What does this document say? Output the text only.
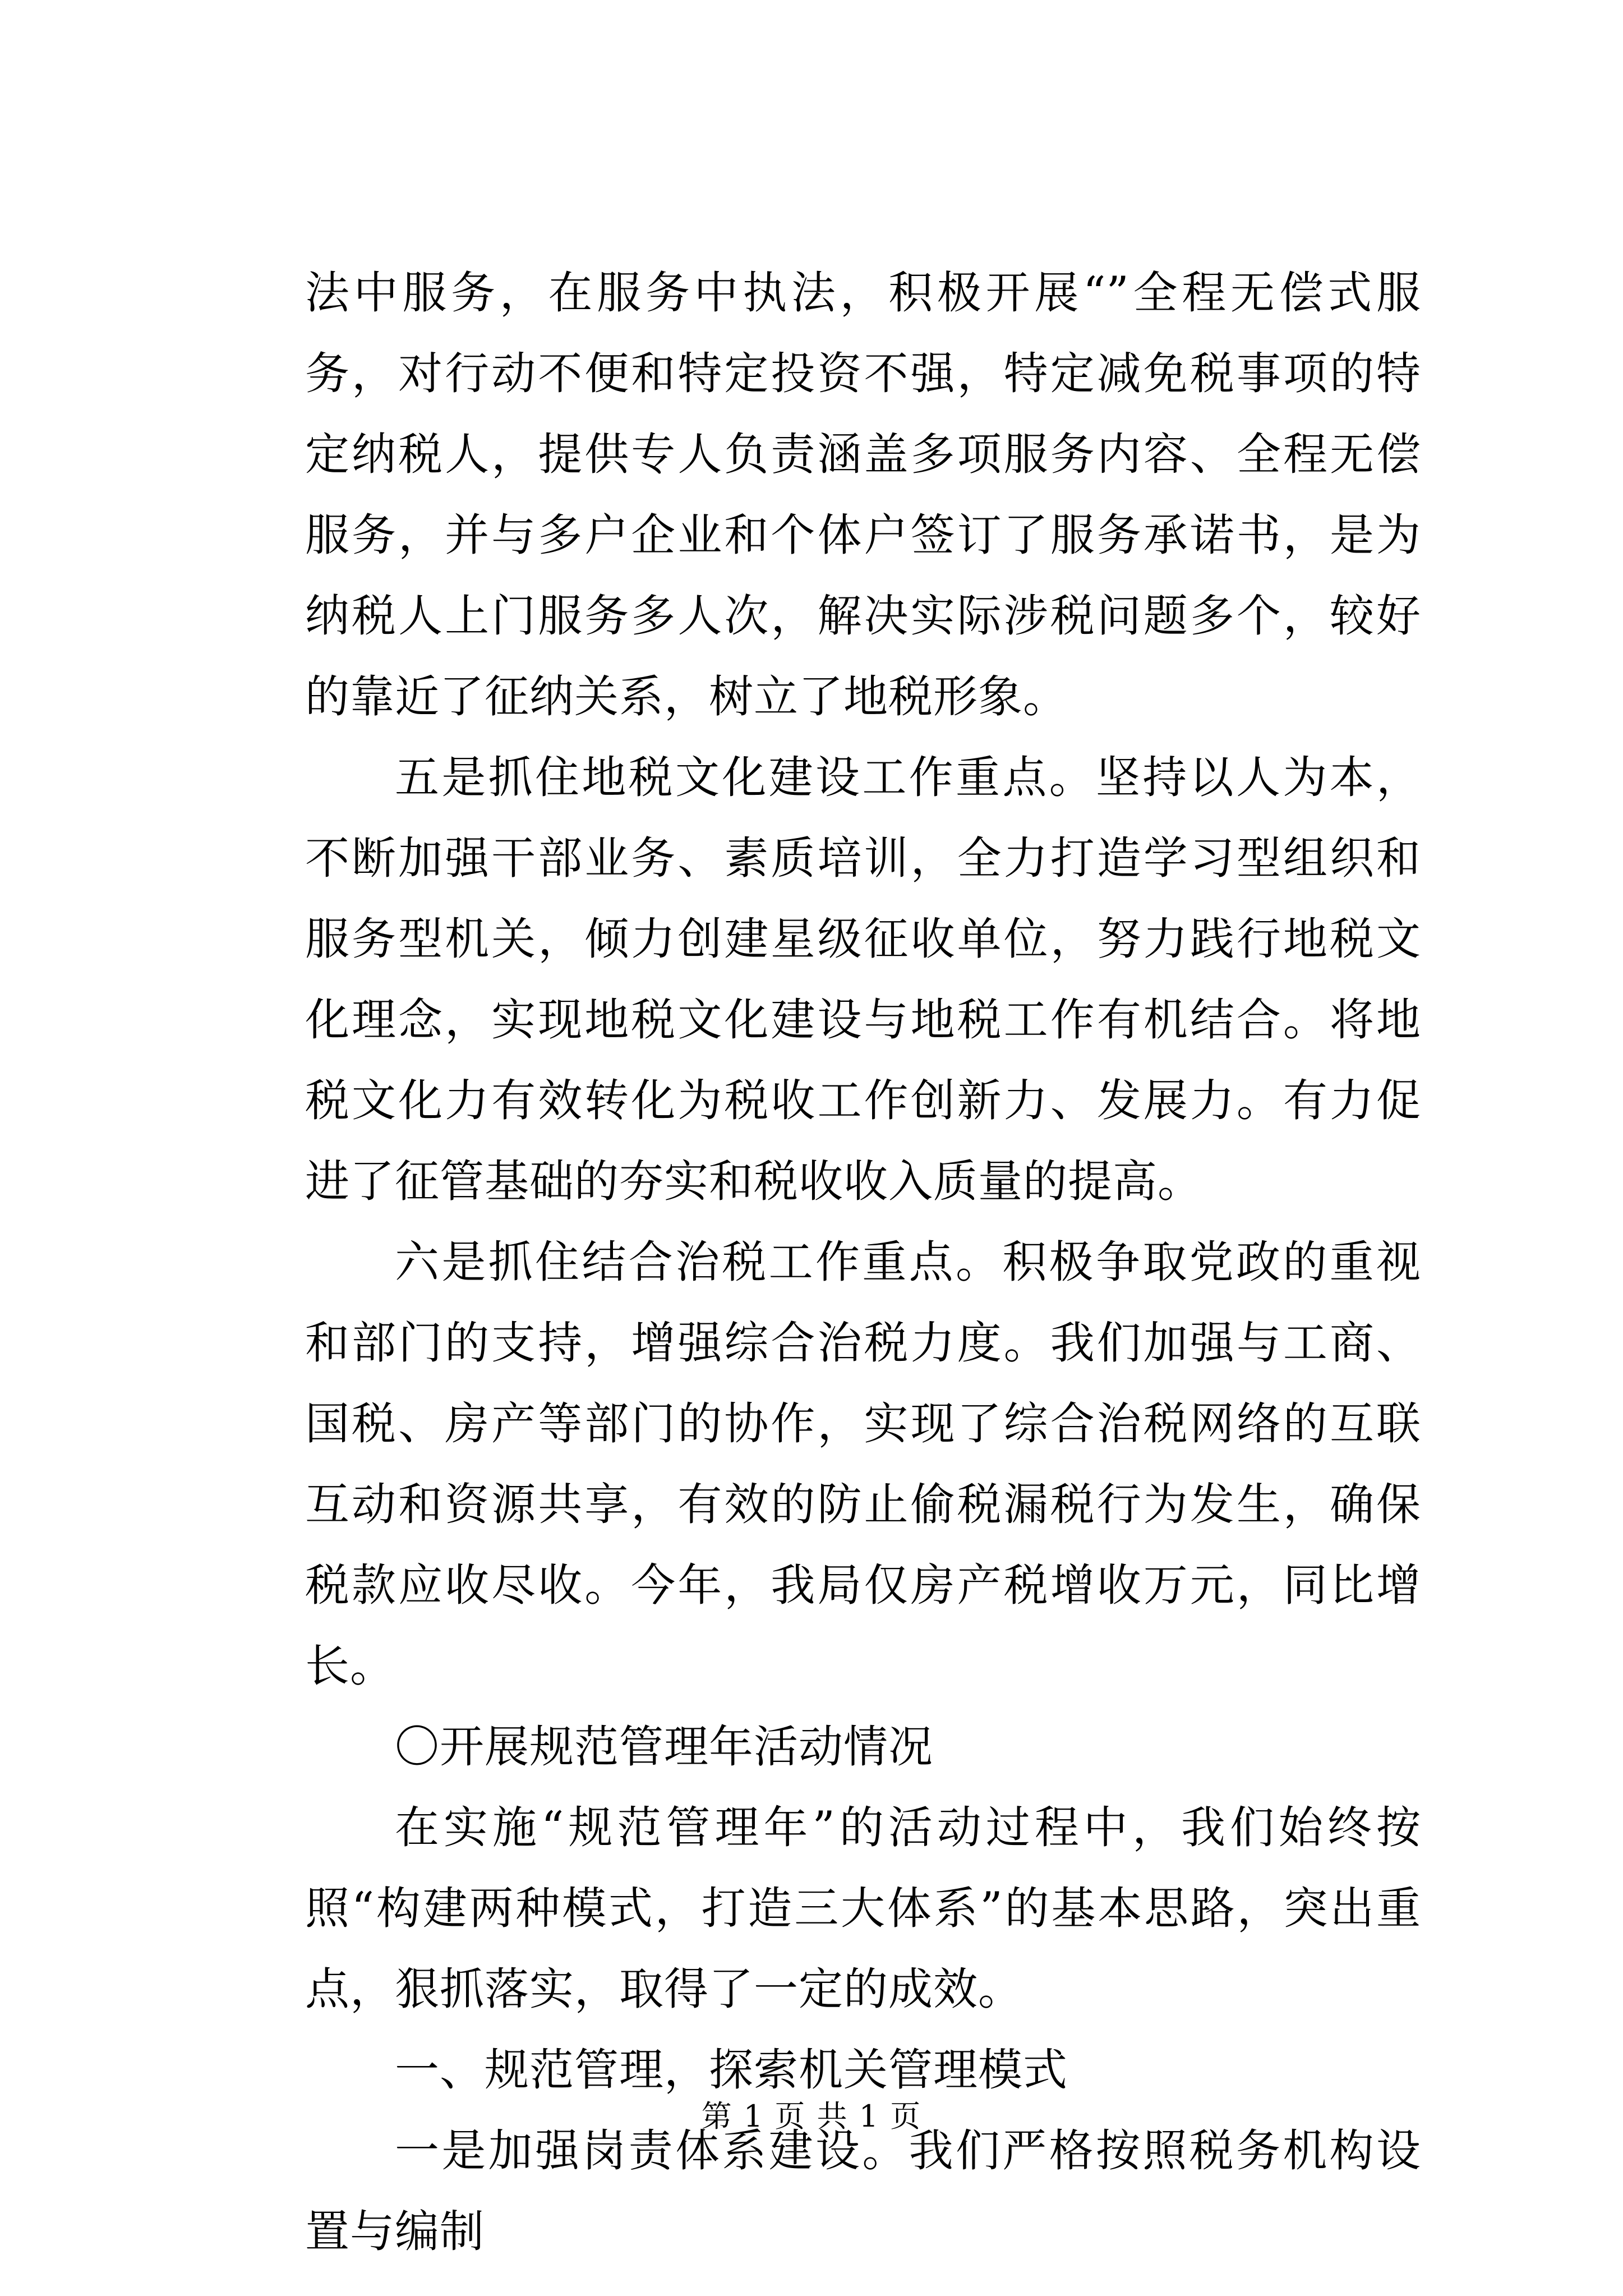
法中服务，在服务中执法，积极开展“”全程无偿式服务，对行动不便和特定投资不强，特定减免税事项的特定纳税人，提供专人负责涵盖多项服务内容、全程无偿服务，并与多户企业和个体户签订了服务承诺书，是为纳税人上门服务多人次，解决实际涉税问题多个，较好的靠近了征纳关系，树立了地税形象。

五是抓住地税文化建设工作重点。坚持以人为本，不断加强干部业务、素质培训，全力打造学习型组织和服务型机关，倾力创建星级征收单位，努力践行地税文化理念，实现地税文化建设与地税工作有机结合。将地税文化力有效转化为税收工作创新力、发展力。有力促进了征管基础的夯实和税收收入质量的提高。

六是抓住结合治税工作重点。积极争取党政的重视和部门的支持，增强综合治税力度。我们加强与工商、国税、房产等部门的协作，实现了综合治税网络的互联互动和资源共享，有效的防止偷税漏税行为发生，确保税款应收尽收。今年，我局仅房产税增收万元，同比增长。

〇开展规范管理年活动情况

在实施“规范管理年”的活动过程中，我们始终按照“构建两种模式，打造三大体系”的基本思路，突出重点，狠抓落实，取得了一定的成效。

一、规范管理，探索机关管理模式

一是加强岗责体系建设。我们严格按照税务机构设置与编制

第 1 页 共 1 页
